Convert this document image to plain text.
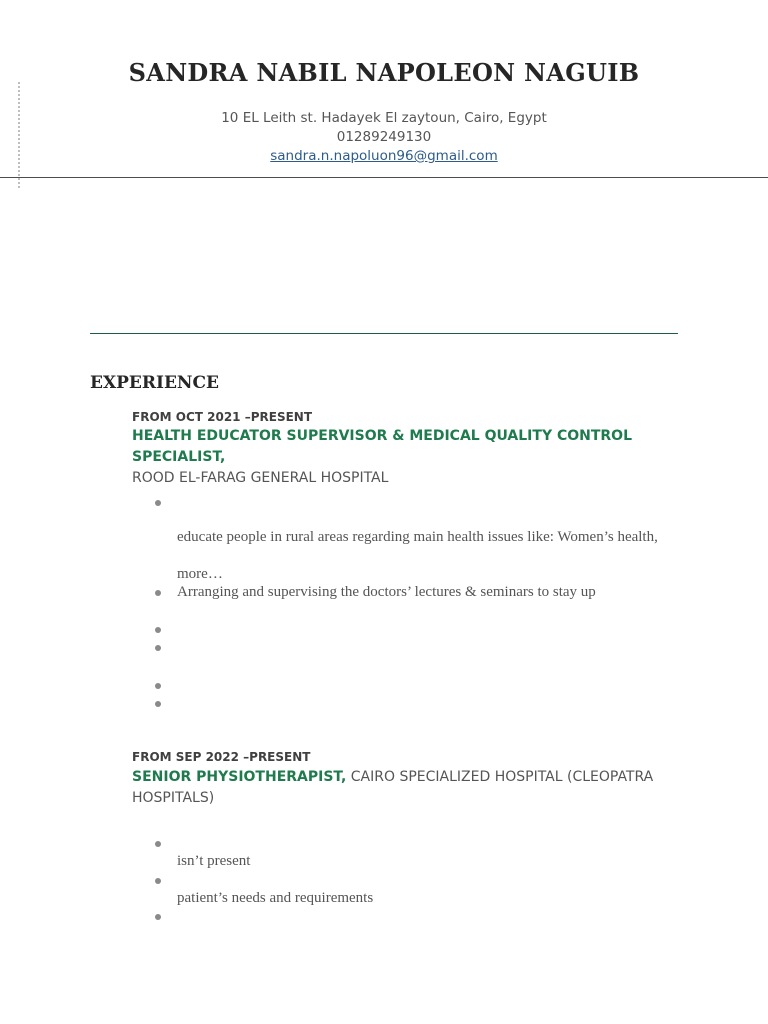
SANDRA NABIL NAPOLEON NAGUIB
10 EL Leith st. Hadayek El zaytoun, Cairo, Egypt
01289249130
sandra.n.napoluon96@gmail.com
EXPERIENCE
FROM OCT 2021 –PRESENT
HEALTH EDUCATOR SUPERVISOR & MEDICAL QUALITY CONTROL SPECIALIST,
ROOD EL-FARAG GENERAL HOSPITAL
educate people in rural areas regarding main health issues like: Women’s health,
more…
Arranging and supervising the doctors’ lectures & seminars to stay up
FROM SEP 2022 –PRESENT
SENIOR PHYSIOTHERAPIST, CAIRO SPECIALIZED HOSPITAL (CLEOPATRA HOSPITALS)
isn’t present
patient’s needs and requirements
